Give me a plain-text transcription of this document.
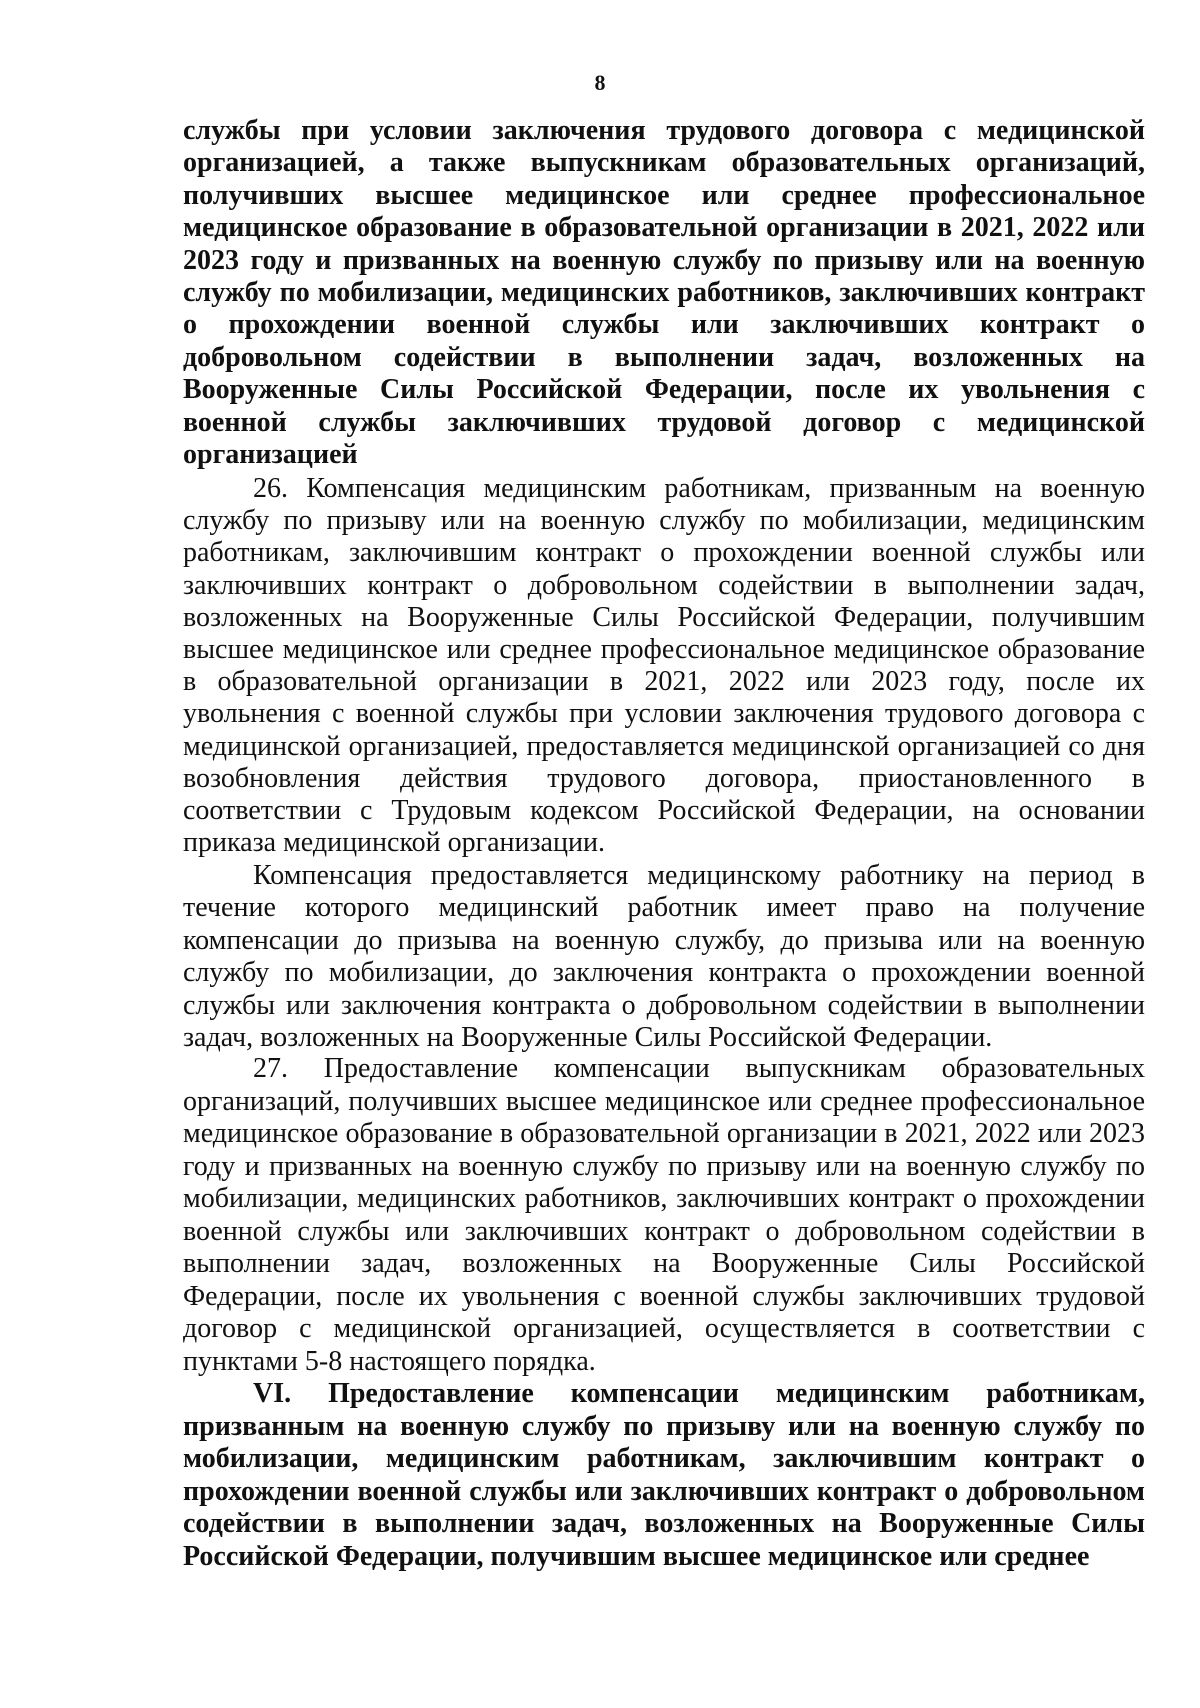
8

службы при условии заключения трудового договора с медицинской организацией, а также выпускникам образовательных организаций, получивших высшее медицинское или среднее профессиональное медицинское образование в образовательной организации в 2021, 2022 или 2023 году и призванных на военную службу по призыву или на военную службу по мобилизации, медицинских работников, заключивших контракт о прохождении военной службы или заключивших контракт о добровольном содействии в выполнении задач, возложенных на Вооруженные Силы Российской Федерации, после их увольнения с военной службы заключивших трудовой договор с медицинской организацией

26. Компенсация медицинским работникам, призванным на военную службу по призыву или на военную службу по мобилизации, медицинским работникам, заключившим контракт о прохождении военной службы или заключивших контракт о добровольном содействии в выполнении задач, возложенных на Вооруженные Силы Российской Федерации, получившим высшее медицинское или среднее профессиональное медицинское образование в образовательной организации в 2021, 2022 или 2023 году, после их увольнения с военной службы при условии заключения трудового договора с медицинской организацией, предоставляется медицинской организацией со дня возобновления действия трудового договора, приостановленного в соответствии с Трудовым кодексом Российской Федерации, на основании приказа медицинской организации.

Компенсация предоставляется медицинскому работнику на период в течение которого медицинский работник имеет право на получение компенсации до призыва на военную службу, до призыва или на военную службу по мобилизации, до заключения контракта о прохождении военной службы или заключения контракта о добровольном содействии в выполнении задач, возложенных на Вооруженные Силы Российской Федерации.

27. Предоставление компенсации выпускникам образовательных организаций, получивших высшее медицинское или среднее профессиональное медицинское образование в образовательной организации в 2021, 2022 или 2023 году и призванных на военную службу по призыву или на военную службу по мобилизации, медицинских работников, заключивших контракт о прохождении военной службы или заключивших контракт о добровольном содействии в выполнении задач, возложенных на Вооруженные Силы Российской Федерации, после их увольнения с военной службы заключивших трудовой договор с медицинской организацией, осуществляется в соответствии с пунктами 5-8 настоящего порядка.

VI. Предоставление компенсации медицинским работникам, призванным на военную службу по призыву или на военную службу по мобилизации, медицинским работникам, заключившим контракт о прохождении военной службы или заключивших контракт о добровольном содействии в выполнении задач, возложенных на Вооруженные Силы Российской Федерации, получившим высшее медицинское или среднее
